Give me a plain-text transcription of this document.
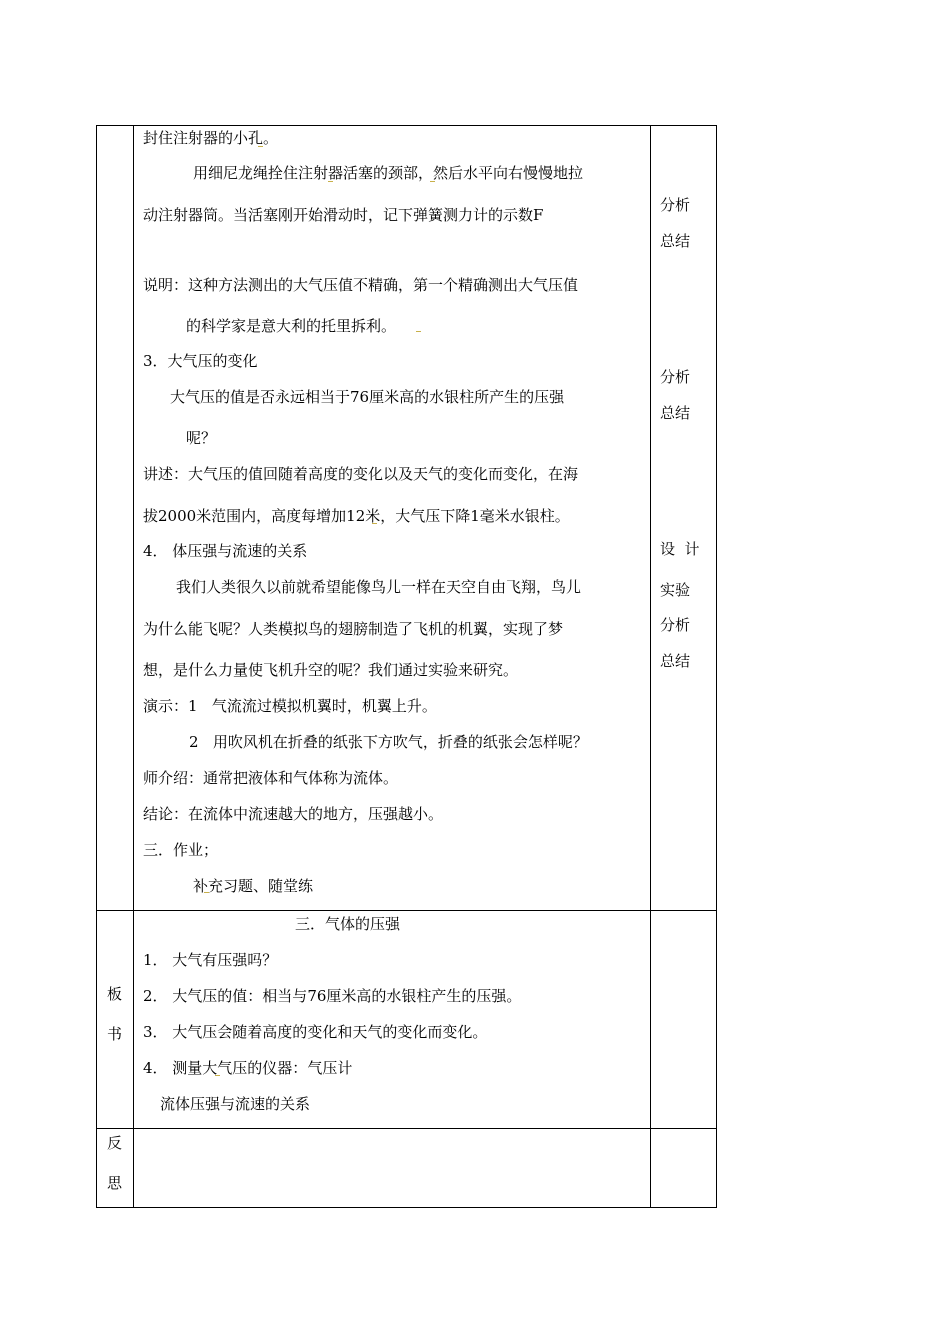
封住注射器的小孔。
用细尼龙绳拴住注射器活塞的颈部，然后水平向右慢慢地拉
动注射器筒。当活塞刚开始滑动时，记下弹簧测力计的示数F
说明：这种方法测出的大气压值不精确，第一个精确测出大气压值
的科学家是意大利的托里拆利。
3．大气压的变化
大气压的值是否永远相当于76厘米高的水银柱所产生的压强
呢？
讲述：大气压的值回随着高度的变化以及天气的变化而变化，在海
拔2000米范围内，高度每增加12米，大气压下降1毫米水银柱。
4． 体压强与流速的关系
我们人类很久以前就希望能像鸟儿一样在天空自由飞翔，鸟儿
为什么能飞呢？人类模拟鸟的翅膀制造了飞机的机翼，实现了梦
想，是什么力量使飞机升空的呢？我们通过实验来研究。
演示：1   气流流过模拟机翼时，机翼上升。
2   用吹风机在折叠的纸张下方吹气，折叠的纸张会怎样呢？
师介绍：通常把液体和气体称为流体。
结论：在流体中流速越大的地方，压强越小。
三．作业；
补充习题、随堂练
分析
总结
分析
总结
设  计
实验
分析
总结
板
书
三．气体的压强
1． 大气有压强吗？
2． 大气压的值：相当与76厘米高的水银柱产生的压强。
3． 大气压会随着高度的变化和天气的变化而变化。
4． 测量大气压的仪器：气压计
流体压强与流速的关系
反
思
